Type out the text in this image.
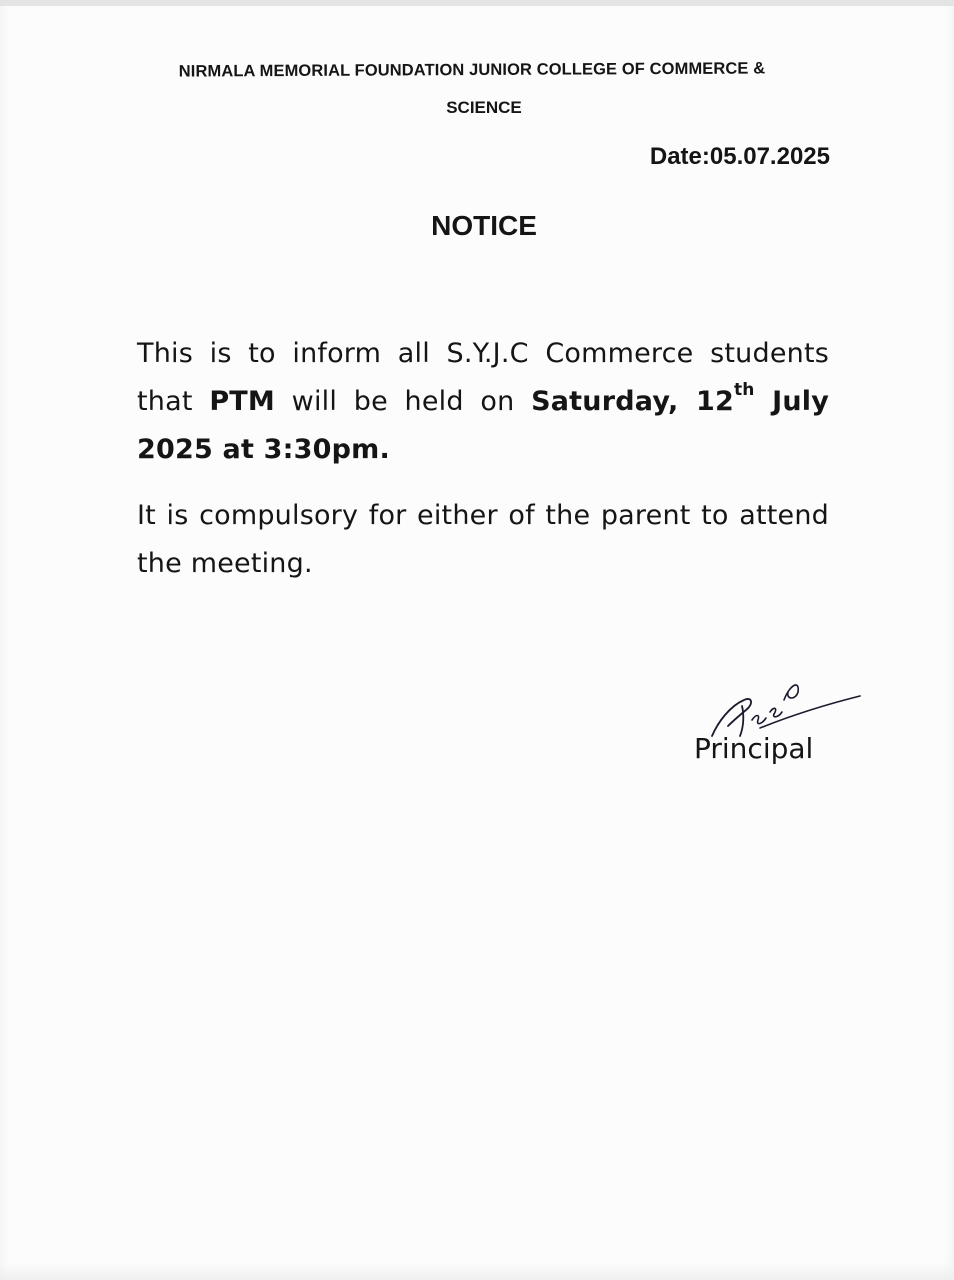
NIRMALA MEMORIAL FOUNDATION JUNIOR COLLEGE OF COMMERCE &
SCIENCE
Date:05.07.2025
NOTICE
This is to inform all S.Y.J.C Commerce students that PTM will be held on Saturday, 12th July 2025 at 3:30pm.
It is compulsory for either of the parent to attend the meeting.
Principal
